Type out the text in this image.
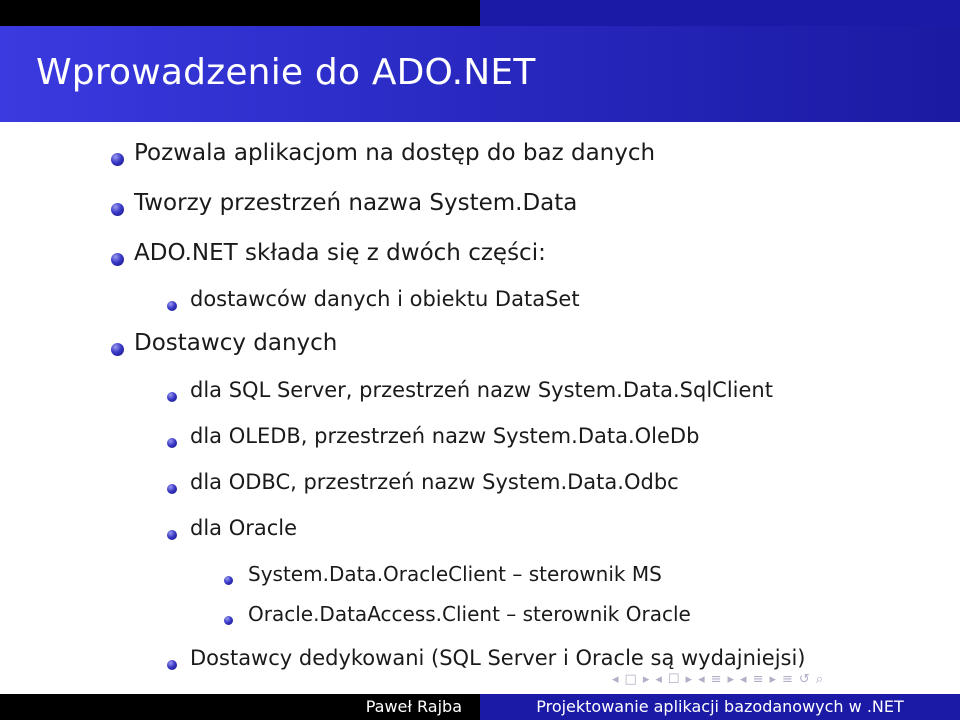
Wprowadzenie do ADO.NET
Pozwala aplikacjom na dostęp do baz danych
Tworzy przestrzeń nazwa System.Data
ADO.NET składa się z dwóch części:
dostawców danych i obiektu DataSet
Dostawcy danych
dla SQL Server, przestrzeń nazw System.Data.SqlClient
dla OLEDB, przestrzeń nazw System.Data.OleDb
dla ODBC, przestrzeń nazw System.Data.Odbc
dla Oracle
System.Data.OracleClient – sterownik MS
Oracle.DataAccess.Client – sterownik Oracle
Dostawcy dedykowani (SQL Server i Oracle są wydajniejsi)
◂ □ ▸ ◂ ☐ ▸ ◂ ≡ ▸ ◂ ≡ ▸ ≡ ↺ ⌕
Paweł Rajba	Projektowanie aplikacji bazodanowych w .NET
